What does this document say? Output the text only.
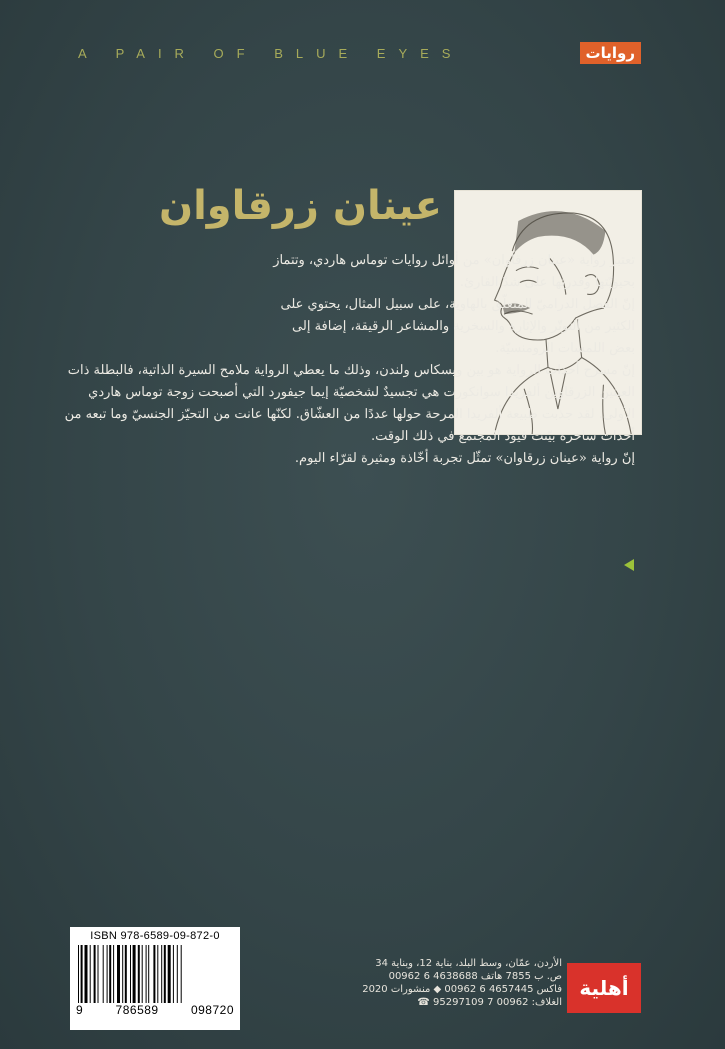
A PAIR OF BLUE EYES	روايات
عينان زرقاوان

تعتبر رواية «عينان زرقاوان» من أوائل روايات توماس هاردي، وتتماز بحيويّتها وقدرتها على شدّ القارئ.

إنّ الفصل الدراميّ المتعلّق بالهاوية، على سبيل المثال، يحتوي على الكثير من التوتّر والإثارة والسخرية والمشاعر الرقيقة، إضافة إلى بعض اللمسات الرومنسيّة.

إنّ مسرح أحداث الرواية هو بين ويسكاس ولندن، وذلك ما يعطي الرواية ملامح السيرة الذاتية، فالبطلة ذات العينين الزرقاوين ألفريدا سوانكورت هي تجسيدٌ لشخصيّة إيما جيفورد التي أصبحت زوجة توماس هاردي الأولى. لقد جذبت طبيعة ألفريدا المرحة حولها عددًا من العشّاق. لكنّها عانت من التحيّز الجنسيّ وما تبعه من أحداث ساخرة بيّنت قيود المجتمع في ذلك الوقت.

إنّ رواية «عينان زرقاوان» تمثّل تجربة أخّاذة ومثيرة لقرّاء اليوم.

ISBN 978-6589-09-872-0
9	786589	098720
الأردن، عمّان، وسط البلد، بناية 12، وبناية 34
ص. ب 7855 هاتف 4638688 6 00962
فاكس 4657445 6 00962 ◆ منشورات 2020
الغلاف: 00962 7 95297109 ☎
أهلية
